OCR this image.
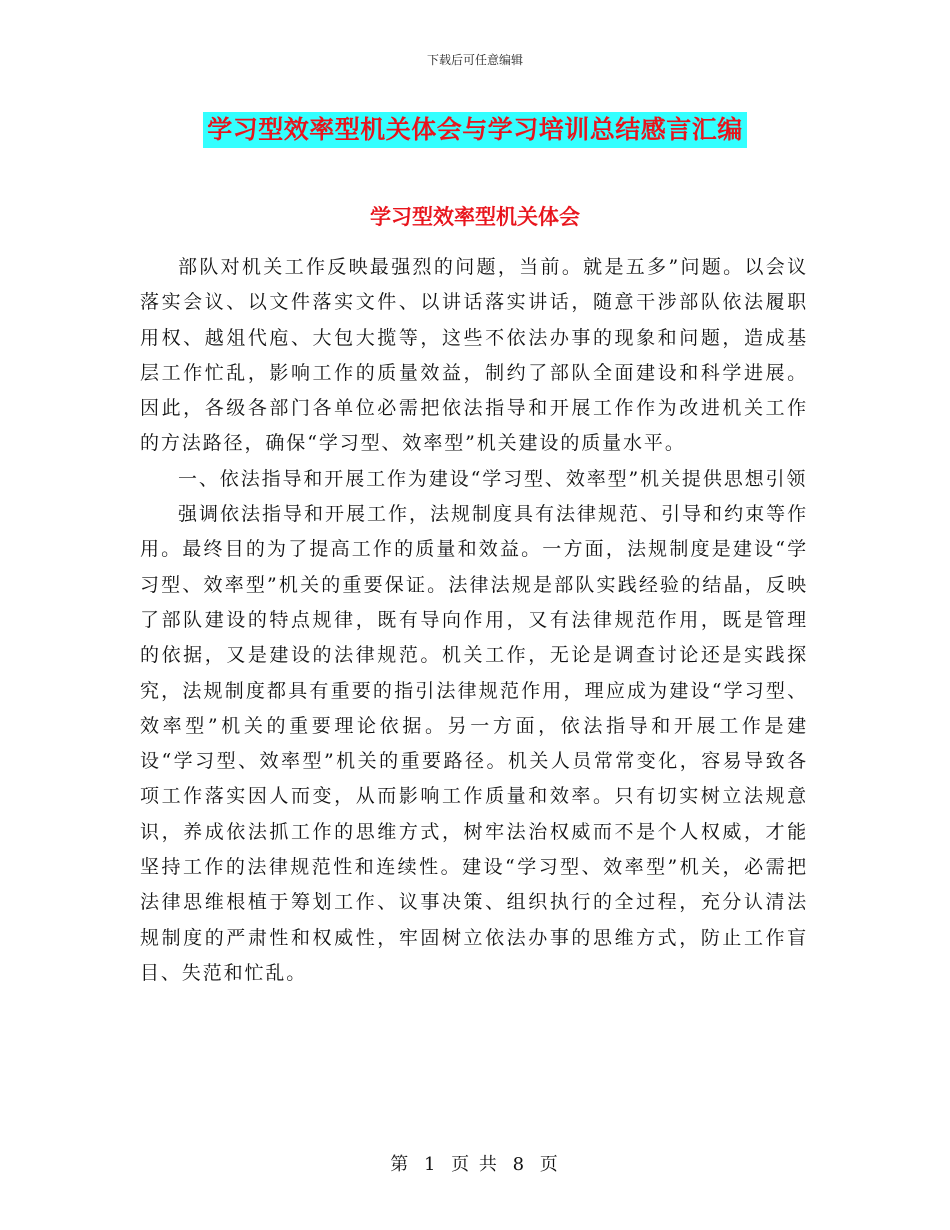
下载后可任意编辑
学习型效率型机关体会与学习培训总结感言汇编
学习型效率型机关体会

部队对机关工作反映最强烈的问题，当前。就是五多”问题。以会议落实会议、以文件落实文件、以讲话落实讲话，随意干涉部队依法履职用权、越俎代庖、大包大揽等，这些不依法办事的现象和问题，造成基层工作忙乱，影响工作的质量效益，制约了部队全面建设和科学进展。因此，各级各部门各单位必需把依法指导和开展工作作为改进机关工作的方法路径，确保“学习型、效率型”机关建设的质量水平。

一、依法指导和开展工作为建设“学习型、效率型”机关提供思想引领

强调依法指导和开展工作，法规制度具有法律规范、引导和约束等作用。最终目的为了提高工作的质量和效益。一方面，法规制度是建设“学习型、效率型”机关的重要保证。法律法规是部队实践经验的结晶，反映了部队建设的特点规律，既有导向作用，又有法律规范作用，既是管理的依据，又是建设的法律规范。机关工作，无论是调查讨论还是实践探究，法规制度都具有重要的指引法律规范作用，理应成为建设“学习型、效率型”机关的重要理论依据。另一方面，依法指导和开展工作是建设“学习型、效率型”机关的重要路径。机关人员常常变化，容易导致各项工作落实因人而变，从而影响工作质量和效率。只有切实树立法规意识，养成依法抓工作的思维方式，树牢法治权威而不是个人权威，才能坚持工作的法律规范性和连续性。建设“学习型、效率型”机关，必需把法律思维根植于筹划工作、议事决策、组织执行的全过程，充分认清法规制度的严肃性和权威性，牢固树立依法办事的思维方式，防止工作盲目、失范和忙乱。

第 1 页 共 8 页
